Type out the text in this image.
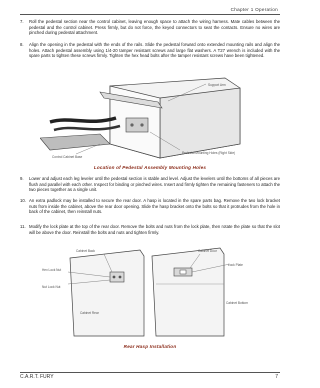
Chapter 1 Operation
7. Roll the pedestal section near the control cabinet, leaving enough space to attach the wiring harness. Mate cables between the pedestal and the control cabinet. Press firmly, but do not force, the keyed connectors to seat the contacts. Ensure no wires are pinched during pedestal attachment.
8. Align the opening in the pedestal with the ends of the rails. Slide the pedestal forward onto extended mounting rails and align the holes. Attach pedestal assembly using 1/4-20 tamper resistant screws and large flat washers. A T27 wrench is included with the spare parts to tighten these screws firmly. Tighten the hex head bolts after the tamper resistant screws have been tightened.
Support Arm
Control Cabinet Base
Pedestal Mounting Holes (Right Side)
Location of Pedestal Assembly Mounting Holes
9. Lower and adjust each leg leveler until the pedestal section is stable and level. Adjust the levelers until the bottoms of all pieces are flush and parallel with each other. Inspect for binding or pinched wires. Insert and firmly tighten the remaining fasteners to attach the two pieces together as a single unit.
10. An extra padlock may be installed to secure the rear door. A hasp is located in the spare parts bag. Remove the two lock bracket nuts from inside the cabinet, above the rear door opening. Slide the hasp bracket onto the bolts so that it protrudes from the hole in back of the cabinet, then reinstall nuts.
11. Modify the lock plate at the top of the rear door. Remove the bolts and nuts from the lock plate, then rotate the plate so that the slot will be above the door. Reinstall the bolts and nuts and tighten firmly.
Cabinet Back
Hex Lock Nut
Nut Lock Nut
Cabinet Rear
Cabinet Door
Lock Plate
Cabinet Bottom
Rear Hasp Installation
C.A.R.T. FURY	7
